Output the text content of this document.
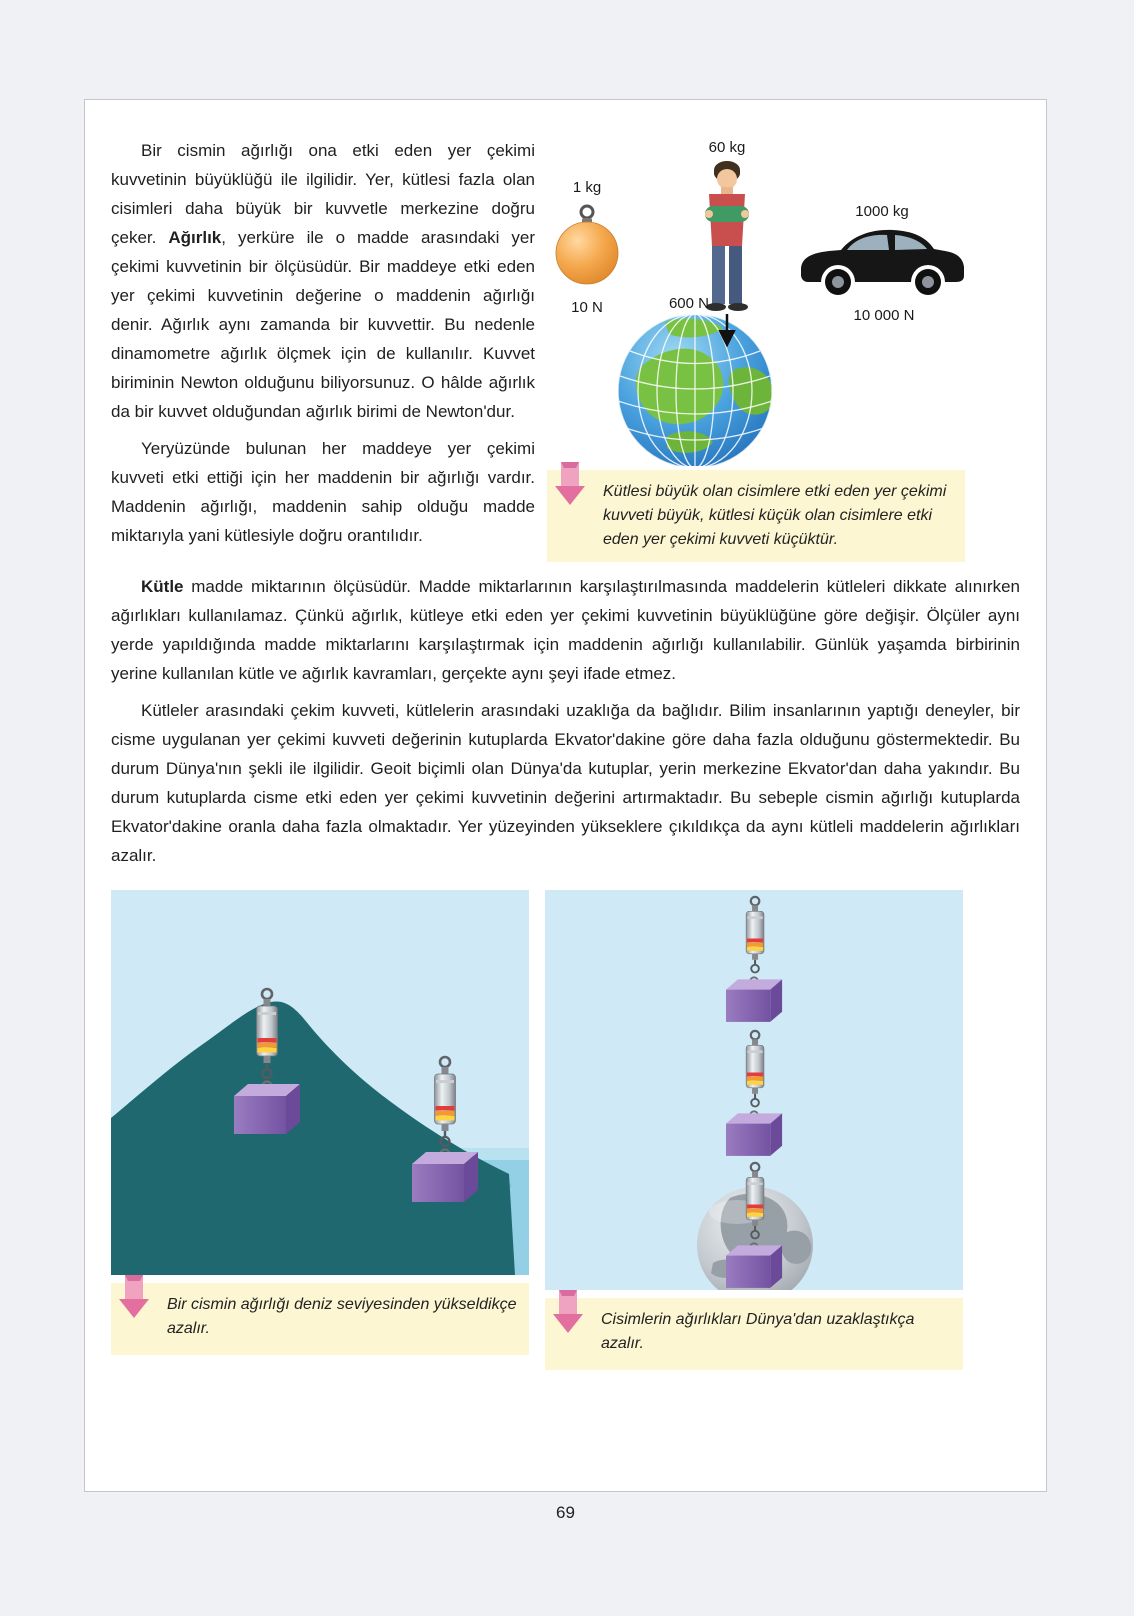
Bir cismin ağırlığı ona etki eden yer çekimi kuvvetinin büyüklüğü ile ilgilidir. Yer, kütlesi fazla olan cisimleri daha büyük bir kuvvetle merkezine doğru çeker. Ağırlık, yerküre ile o madde arasındaki yer çekimi kuvvetinin bir ölçüsüdür. Bir maddeye etki eden yer çekimi kuvvetinin değerine o maddenin ağırlığı denir. Ağırlık aynı zamanda bir kuvvettir. Bu nedenle dinamometre ağırlık ölçmek için de kullanılır. Kuvvet biriminin Newton olduğunu biliyorsunuz. O hâlde ağırlık da bir kuvvet olduğundan ağırlık birimi de Newton'dur.

Yeryüzünde bulunan her maddeye yer çekimi kuvveti etki ettiği için her maddenin bir ağırlığı vardır. Maddenin ağırlığı, maddenin sahip olduğu madde miktarıyla yani kütlesiyle doğru orantılıdır.

1 kg
10 N
60 kg
600 N
1000 kg
10 000 N

Kütlesi büyük olan cisimlere etki eden yer çekimi kuvveti büyük, kütlesi küçük olan cisimlere etki eden yer çekimi kuvveti küçüktür.

Kütle madde miktarının ölçüsüdür. Madde miktarlarının karşılaştırılmasında maddelerin kütleleri dikkate alınırken ağırlıkları kullanılamaz. Çünkü ağırlık, kütleye etki eden yer çekimi kuvvetinin büyüklüğüne göre değişir. Ölçüler aynı yerde yapıldığında madde miktarlarını karşılaştırmak için maddenin ağırlığı kullanılabilir. Günlük yaşamda birbirinin yerine kullanılan kütle ve ağırlık kavramları, gerçekte aynı şeyi ifade etmez.

Kütleler arasındaki çekim kuvveti, kütlelerin arasındaki uzaklığa da bağlıdır. Bilim insanlarının yaptığı deneyler, bir cisme uygulanan yer çekimi kuvveti değerinin kutuplarda Ekvator'dakine göre daha fazla olduğunu göstermektedir. Bu durum Dünya'nın şekli ile ilgilidir. Geoit biçimli olan Dünya'da kutuplar, yerin merkezine Ekvator'dan daha yakındır. Bu durum kutuplarda cisme etki eden yer çekimi kuvvetinin değerini artırmaktadır. Bu sebeple cismin ağırlığı kutuplarda Ekvator'dakine oranla daha fazla olmaktadır. Yer yüzeyinden yükseklere çıkıldıkça da aynı kütleli maddelerin ağırlıkları azalır.

Bir cismin ağırlığı deniz seviyesinden yükseldikçe azalır.

Cisimlerin ağırlıkları Dünya'dan uzaklaştıkça azalır.

69
